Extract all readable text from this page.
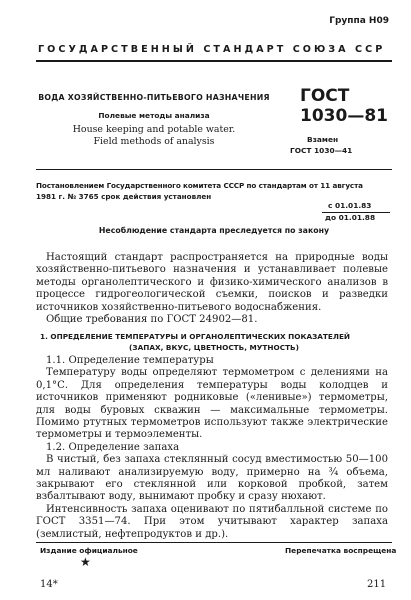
Группа Н09
ГОСУДАРСТВЕННЫЙ СТАНДАРТ СОЮЗА ССР
ВОДА ХОЗЯЙСТВЕННО-ПИТЬЕВОГО НАЗНАЧЕНИЯ
Полевые методы анализа
House keeping and potable water.
Field methods of analysis
ГОСТ
1030—81
Взамен
ГОСТ 1030—41
Постановлением Государственного комитета СССР по стандартам от 11 августа
1981 г. № 3765 срок действия установлен
с 01.01.83
до 01.01.88
Несоблюдение стандарта преследуется по закону

Настоящий стандарт распространяется на природные воды хозяйственно-питьевого назначения и устанавливает полевые методы органолептического и физико-химического анализов в процессе гидрогеологической съемки, поисков и разведки источников хозяйственно-питьевого водоснабжения.

Общие требования по ГОСТ 24902—81.

1. ОПРЕДЕЛЕНИЕ ТЕМПЕРАТУРЫ И ОРГАНОЛЕПТИЧЕСКИХ ПОКАЗАТЕЛЕЙ
(ЗАПАХ, ВКУС, ЦВЕТНОСТЬ, МУТНОСТЬ)

1.1. Определение температуры

Температуру воды определяют термометром с делениями на 0,1°С. Для определения температуры воды колодцев и источников применяют родниковые («ленивые») термометры, для воды буровых скважин — максимальные термометры. Помимо ртутных термометров используют также электрические термометры и термоэлементы.

1.2. Определение запаха

В чистый, без запаха стеклянный сосуд вместимостью 50—100 мл наливают анализируемую воду, примерно на ¾ объема, закрывают его стеклянной или корковой пробкой, затем взбалтывают воду, вынимают пробку и сразу нюхают.

Интенсивность запаха оценивают по пятибалльной системе по ГОСТ 3351—74. При этом учитывают характер запаха (землистый, нефтепродуктов и др.).

Издание официальное
★
Перепечатка воспрещена
14*	211
